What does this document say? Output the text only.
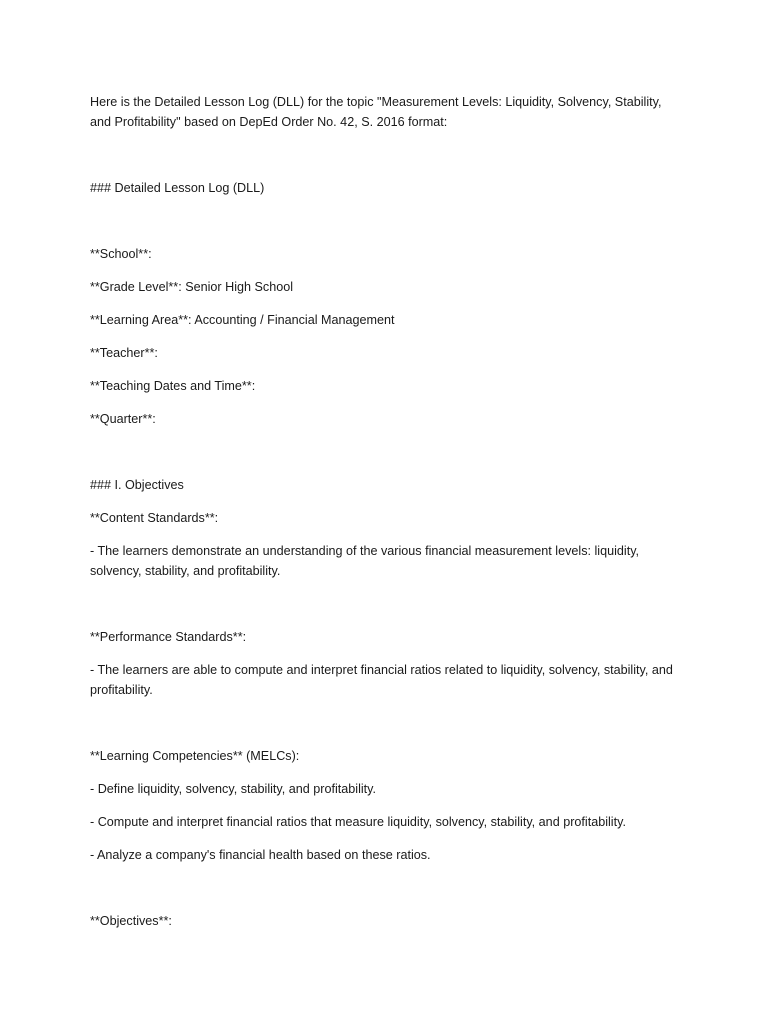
Here is the Detailed Lesson Log (DLL) for the topic "Measurement Levels: Liquidity, Solvency, Stability, and Profitability" based on DepEd Order No. 42, S. 2016 format:

### Detailed Lesson Log (DLL)

**School**:

**Grade Level**: Senior High School

**Learning Area**: Accounting / Financial Management

**Teacher**:

**Teaching Dates and Time**:

**Quarter**:

### I. Objectives

**Content Standards**:

- The learners demonstrate an understanding of the various financial measurement levels: liquidity, solvency, stability, and profitability.

**Performance Standards**:

- The learners are able to compute and interpret financial ratios related to liquidity, solvency, stability, and profitability.

**Learning Competencies** (MELCs):

- Define liquidity, solvency, stability, and profitability.

- Compute and interpret financial ratios that measure liquidity, solvency, stability, and profitability.

- Analyze a company's financial health based on these ratios.

**Objectives**:
